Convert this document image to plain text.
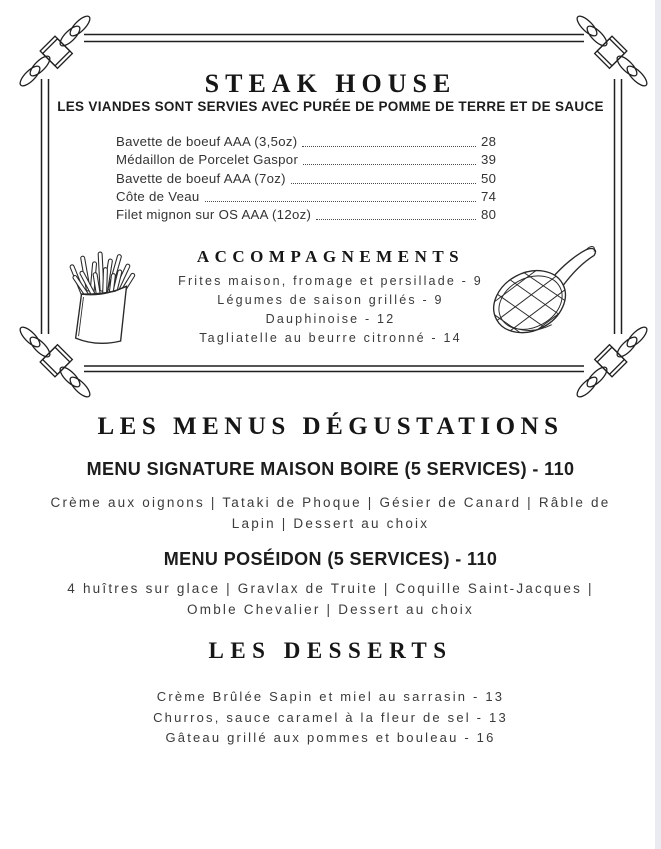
STEAK HOUSE

LES VIANDES SONT SERVIES AVEC PURÉE DE POMME DE TERRE ET DE SAUCE

Bavette de boeuf AAA (3,5oz)	28
Médaillon de Porcelet Gaspor	39
Bavette de boeuf AAA (7oz)	50
Côte de Veau	74
Filet mignon sur OS AAA (12oz)	80
ACCOMPAGNEMENTS
Frites maison, fromage et persillade - 9
Légumes de saison grillés - 9
Dauphinoise - 12
Tagliatelle au beurre citronné - 14
LES MENUS DÉGUSTATIONS
MENU SIGNATURE MAISON BOIRE (5 SERVICES) - 110

Crème aux oignons | Tataki de Phoque | Gésier de Canard | Râble de Lapin | Dessert au choix

MENU POSÉIDON (5 SERVICES) - 110

4 huîtres sur glace | Gravlax de Truite | Coquille Saint-Jacques | Omble Chevalier | Dessert au choix

LES DESSERTS
Crème Brûlée Sapin et miel au sarrasin - 13
Churros, sauce caramel à la fleur de sel - 13
Gâteau grillé aux pommes et bouleau - 16
